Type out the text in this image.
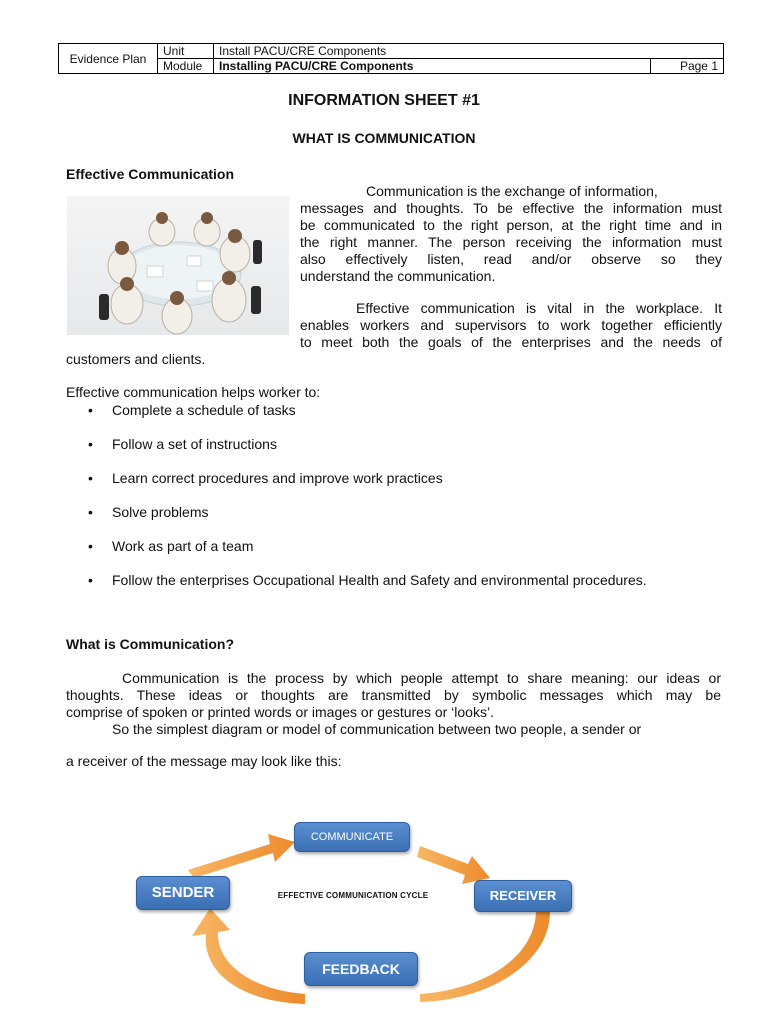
Evidence Plan	Unit	Install PACU/CRE Components	
	Module	Installing PACU/CRE Components	Page 1
INFORMATION SHEET #1
WHAT IS COMMUNICATION
Effective Communication
Communication is the exchange of information,
messages and thoughts. To be effective the information must
be communicated to the right person, at the right time and in
the right manner. The person receiving the information must
also effectively listen, read and/or observe so they
understand the communication.
Effective communication is vital in the workplace. It
enables workers and supervisors to work together efficiently
to meet both the goals of the enterprises and the needs of
customers and clients.
Effective communication helps worker to:
• Complete a schedule of tasks
• Follow a set of instructions
• Learn correct procedures and improve work practices
• Solve problems
• Work as part of a team
• Follow the enterprises Occupational Health and Safety and environmental procedures.
What is Communication?
Communication is the process by which people attempt to share meaning: our ideas or
thoughts. These ideas or thoughts are transmitted by symbolic messages which may be
comprise of spoken or printed words or images or gestures or ‘looks’.
So the simplest diagram or model of communication between two people, a sender or
a receiver of the message may look like this:
COMMUNICATE
SENDER	RECEIVER
FEEDBACK
EFFECTIVE COMMUNICATION CYCLE
